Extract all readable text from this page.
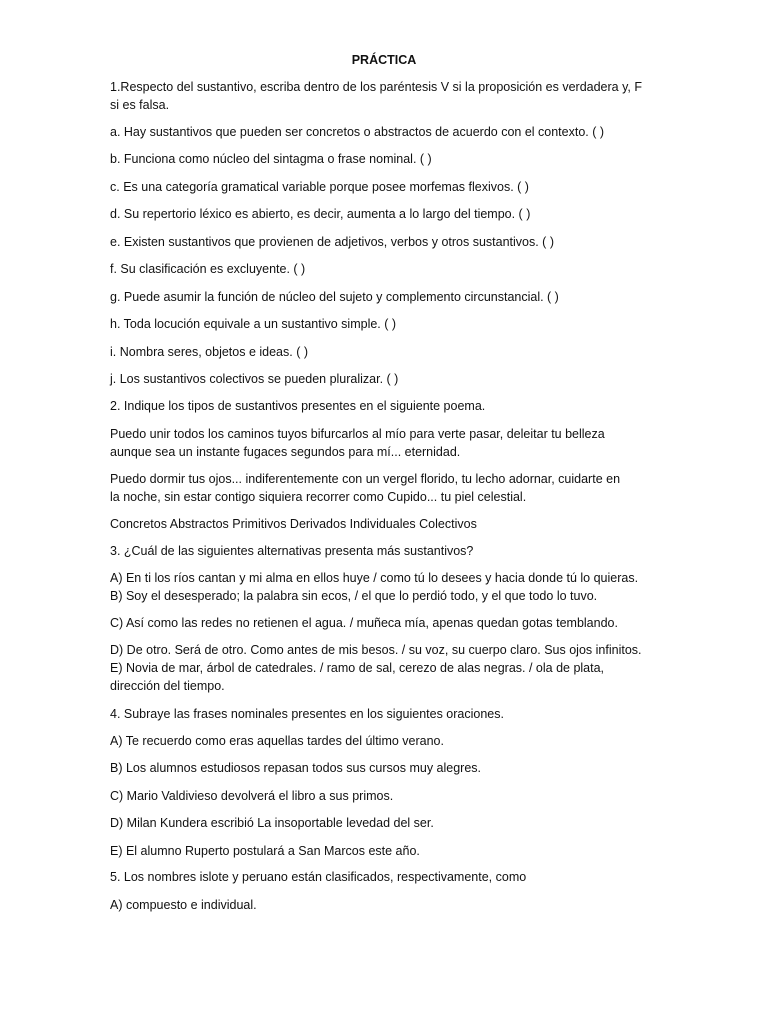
PRÁCTICA
1.Respecto del sustantivo, escriba dentro de los paréntesis V si la proposición es verdadera y, F
si es falsa.
a. Hay sustantivos que pueden ser concretos o abstractos de acuerdo con el contexto. ( )
b. Funciona como núcleo del sintagma o frase nominal. ( )
c. Es una categoría gramatical variable porque posee morfemas flexivos. ( )
d. Su repertorio léxico es abierto, es decir, aumenta a lo largo del tiempo. ( )
e. Existen sustantivos que provienen de adjetivos, verbos y otros sustantivos. ( )
f. Su clasificación es excluyente. ( )
g. Puede asumir la función de núcleo del sujeto y complemento circunstancial. ( )
h. Toda locución equivale a un sustantivo simple. ( )
i. Nombra seres, objetos e ideas. ( )
j. Los sustantivos colectivos se pueden pluralizar. ( )
2. Indique los tipos de sustantivos presentes en el siguiente poema.
Puedo unir todos los caminos tuyos bifurcarlos al mío para verte pasar, deleitar tu belleza
aunque sea un instante fugaces segundos para mí... eternidad.
Puedo dormir tus ojos... indiferentemente con un vergel florido, tu lecho adornar, cuidarte en
la noche, sin estar contigo siquiera recorrer como Cupido... tu piel celestial.
Concretos Abstractos Primitivos Derivados Individuales Colectivos
3. ¿Cuál de las siguientes alternativas presenta más sustantivos?
A) En ti los ríos cantan y mi alma en ellos huye / como tú lo desees y hacia donde tú lo quieras.
B) Soy el desesperado; la palabra sin ecos, / el que lo perdió todo, y el que todo lo tuvo.
C) Así como las redes no retienen el agua. / muñeca mía, apenas quedan gotas temblando.
D) De otro. Será de otro. Como antes de mis besos. / su voz, su cuerpo claro. Sus ojos infinitos.
E) Novia de mar, árbol de catedrales. / ramo de sal, cerezo de alas negras. / ola de plata,
dirección del tiempo.
4. Subraye las frases nominales presentes en los siguientes oraciones.
A) Te recuerdo como eras aquellas tardes del último verano.
B) Los alumnos estudiosos repasan todos sus cursos muy alegres.
C) Mario Valdivieso devolverá el libro a sus primos.
D) Milan Kundera escribió La insoportable levedad del ser.
E) El alumno Ruperto postulará a San Marcos este año.
5. Los nombres islote y peruano están clasificados, respectivamente, como
A) compuesto e individual.
